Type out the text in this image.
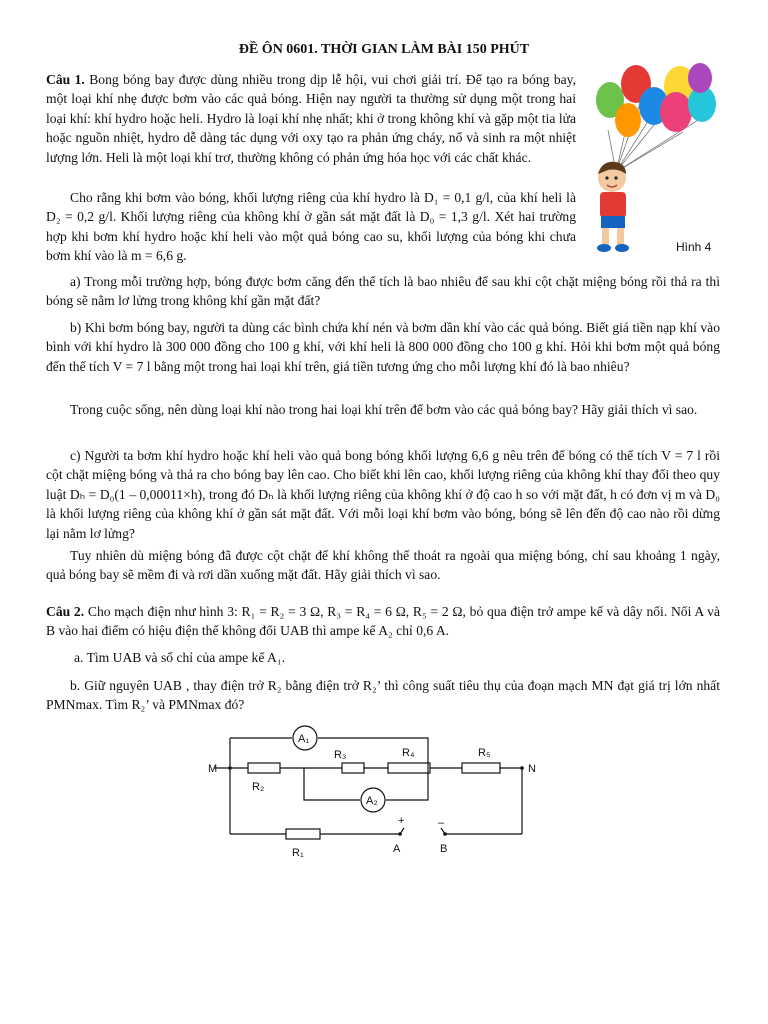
ĐỀ ÔN 0601. THỜI GIAN LÀM BÀI 150 PHÚT
Câu 1. Bong bóng bay được dùng nhiều trong dịp lễ hội, vui chơi giải trí. Để tạo ra bóng bay, một loại khí nhẹ được bơm vào các quả bóng. Hiện nay người ta thường sử dụng một trong hai loại khí: khí hydro hoặc heli. Hydro là loại khí nhẹ nhất; khi ở trong không khí và gặp một tia lửa hoặc nguồn nhiệt, hydro dễ dàng tác dụng với oxy tạo ra phản ứng cháy, nổ và sinh ra một nhiệt lượng lớn. Heli là một loại khí trơ, thường không có phản ứng hóa học với các chất khác.
Cho rằng khi bơm vào bóng, khối lượng riêng của khí hydro là D₁ = 0,1 g/l, của khí heli là D₂ = 0,2 g/l. Khối lượng riêng của không khí ở gần sát mặt đất là D₀ = 1,3 g/l. Xét hai trường hợp khi bơm khí hydro hoặc khí heli vào một quả bóng cao su, khối lượng của bóng khi chưa bơm khí vào là m = 6,6 g.
Hình 4
a) Trong mỗi trường hợp, bóng được bơm căng đến thể tích là bao nhiêu để sau khi cột chặt miệng bóng rồi thả ra thì bóng sẽ nằm lơ lửng trong không khí gần mặt đất?
b) Khi bơm bóng bay, người ta dùng các bình chứa khí nén và bơm dần khí vào các quả bóng. Biết giá tiền nạp khí vào bình với khí hydro là 300 000 đồng cho 100 g khí, với khí heli là 800 000 đồng cho 100 g khí. Hỏi khi bơm một quả bóng đến thể tích V = 7 l bằng một trong hai loại khí trên, giá tiền tương ứng cho mỗi lượng khí đó là bao nhiêu?
Trong cuộc sống, nên dùng loại khí nào trong hai loại khí trên để bơm vào các quả bóng bay? Hãy giải thích vì sao.
c) Người ta bơm khí hydro hoặc khí heli vào quả bong bóng khối lượng 6,6 g nêu trên để bóng có thể tích V = 7 l rồi cột chặt miệng bóng và thả ra cho bóng bay lên cao. Cho biết khi lên cao, khối lượng riêng của không khí thay đổi theo quy luật Dₕ = D₀(1 – 0,00011×h), trong đó Dₕ là khối lượng riêng của không khí ở độ cao h so với mặt đất, h có đơn vị m và D₀ là khối lượng riêng của không khí ở gần sát mặt đất. Với mỗi loại khí bơm vào bóng, bóng sẽ lên đến độ cao nào rồi dừng lại nằm lơ lửng?
Tuy nhiên dù miệng bóng đã được cột chặt để khí không thể thoát ra ngoài qua miệng bóng, chỉ sau khoảng 1 ngày, quả bóng bay sẽ mềm đi và rơi dần xuống mặt đất. Hãy giải thích vì sao.
Câu 2. Cho mạch điện như hình 3: R₁ = R₂ = 3 Ω, R₃ = R₄ = 6 Ω, R₅ = 2 Ω, bỏ qua điện trở ampe kế và dây nối. Nối A và B vào hai điểm có hiệu điện thế không đổi UAB thì ampe kế A₂ chỉ 0,6 A.
a. Tìm UAB và số chỉ của ampe kế A₁.
b. Giữ nguyên UAB , thay điện trở R₂ bằng điện trở R₂’ thì công suất tiêu thụ của đoạn mạch MN đạt giá trị lớn nhất PMNmax. Tìm R₂’ và PMNmax đó?
A₁
A₂
M	N
R₂
R₃	R₄	R₅
R₁
+	–
A	B
